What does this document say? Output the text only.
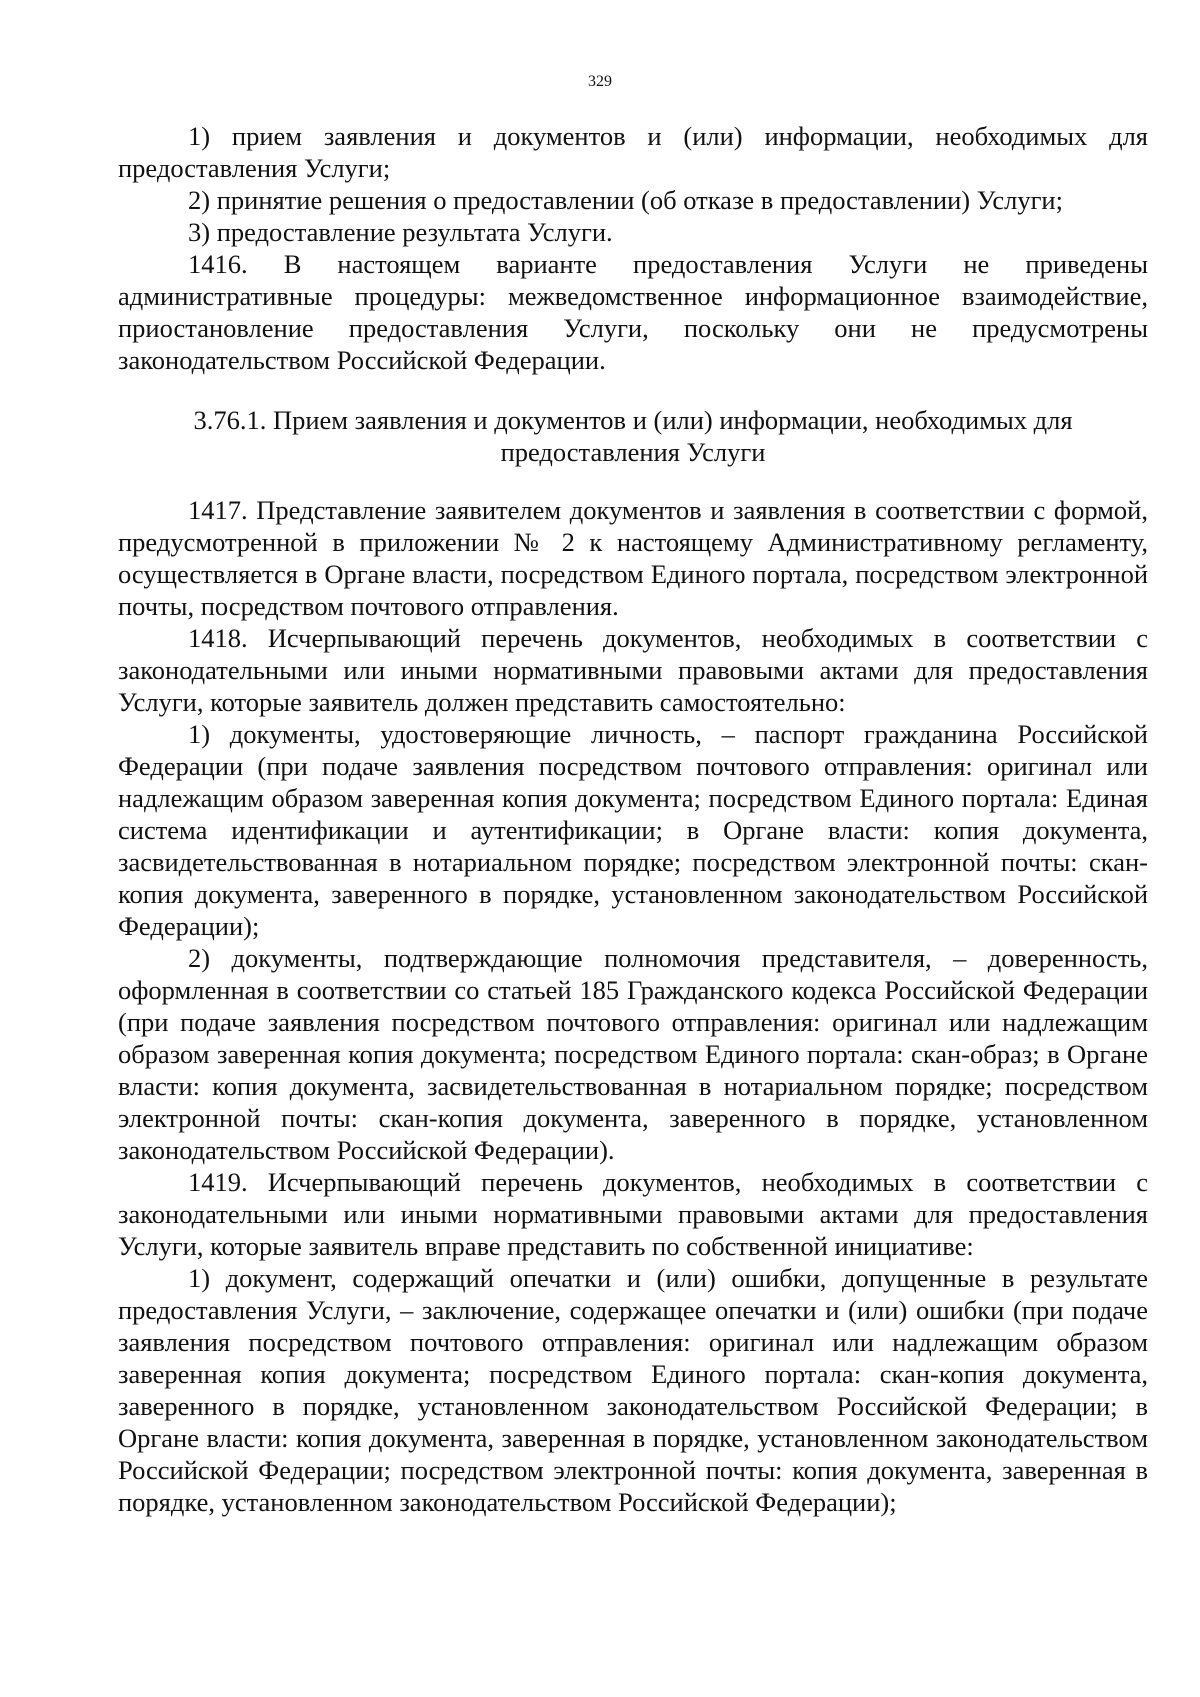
329

1) прием заявления и документов и (или) информации, необходимых для предоставления Услуги;

2) принятие решения о предоставлении (об отказе в предоставлении) Услуги;

3) предоставление результата Услуги.

1416. В настоящем варианте предоставления Услуги не приведены административные процедуры: межведомственное информационное взаимодействие, приостановление предоставления Услуги, поскольку они не предусмотрены законодательством Российской Федерации.

3.76.1. Прием заявления и документов и (или) информации, необходимых для предоставления Услуги

1417. Представление заявителем документов и заявления в соответствии с формой, предусмотренной в приложении № 2 к настоящему Административному регламенту, осуществляется в Органе власти, посредством Единого портала, посредством электронной почты, посредством почтового отправления.

1418. Исчерпывающий перечень документов, необходимых в соответствии с законодательными или иными нормативными правовыми актами для предоставления Услуги, которые заявитель должен представить самостоятельно:

1) документы, удостоверяющие личность, – паспорт гражданина Российской Федерации (при подаче заявления посредством почтового отправления: оригинал или надлежащим образом заверенная копия документа; посредством Единого портала: Единая система идентификации и аутентификации; в Органе власти: копия документа, засвидетельствованная в нотариальном порядке; посредством электронной почты: скан-копия документа, заверенного в порядке, установленном законодательством Российской Федерации);

2) документы, подтверждающие полномочия представителя, – доверенность, оформленная в соответствии со статьей 185 Гражданского кодекса Российской Федерации (при подаче заявления посредством почтового отправления: оригинал или надлежащим образом заверенная копия документа; посредством Единого портала: скан-образ; в Органе власти: копия документа, засвидетельствованная в нотариальном порядке; посредством электронной почты: скан-копия документа, заверенного в порядке, установленном законодательством Российской Федерации).

1419. Исчерпывающий перечень документов, необходимых в соответствии с законодательными или иными нормативными правовыми актами для предоставления Услуги, которые заявитель вправе представить по собственной инициативе:

1) документ, содержащий опечатки и (или) ошибки, допущенные в результате предоставления Услуги, – заключение, содержащее опечатки и (или) ошибки (при подаче заявления посредством почтового отправления: оригинал или надлежащим образом заверенная копия документа; посредством Единого портала: скан-копия документа, заверенного в порядке, установленном законодательством Российской Федерации; в Органе власти: копия документа, заверенная в порядке, установленном законодательством Российской Федерации; посредством электронной почты: копия документа, заверенная в порядке, установленном законодательством Российской Федерации);
